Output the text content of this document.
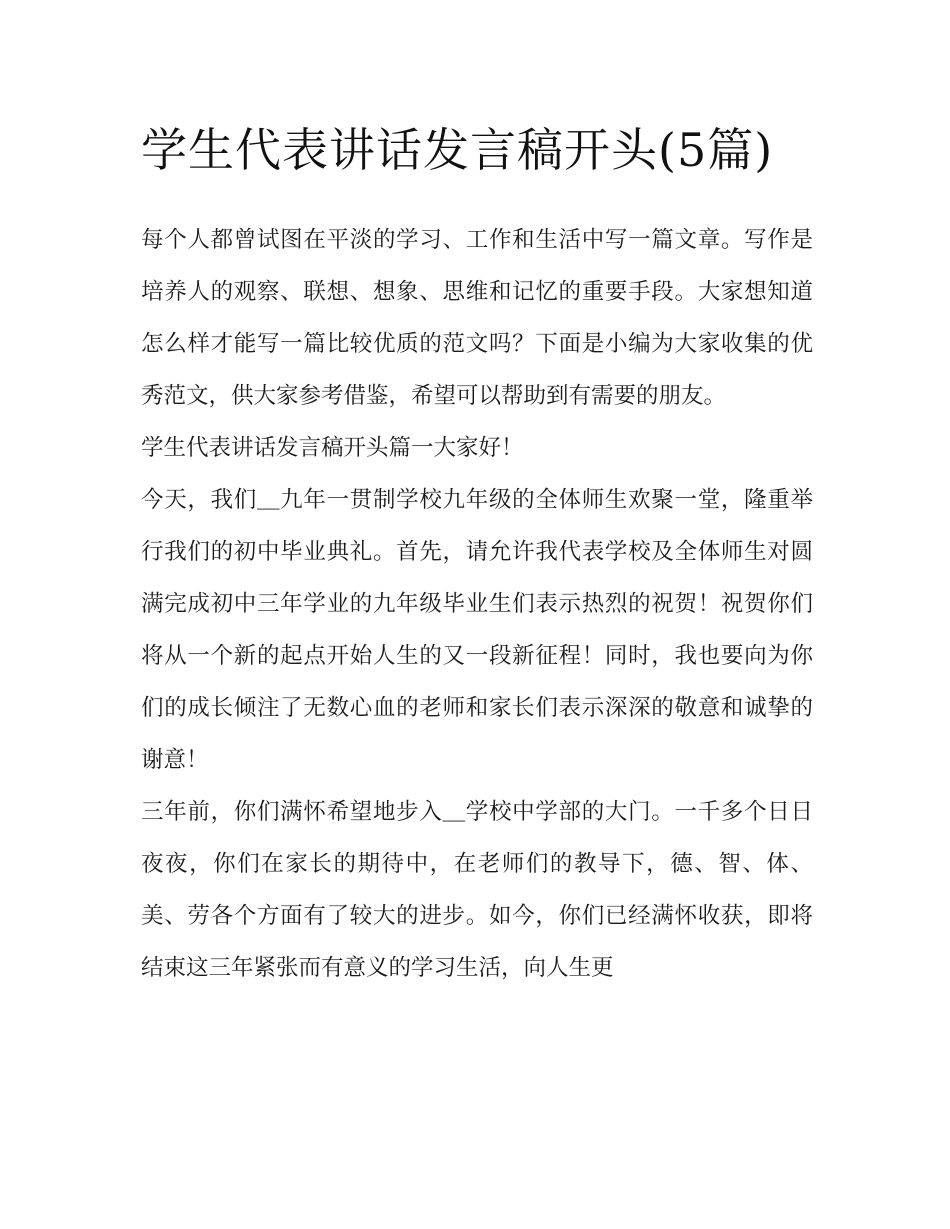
学生代表讲话发言稿开头(5篇)

每个人都曾试图在平淡的学习、工作和生活中写一篇文章。写作是培养人的观察、联想、想象、思维和记忆的重要手段。大家想知道怎么样才能写一篇比较优质的范文吗？下面是小编为大家收集的优秀范文，供大家参考借鉴，希望可以帮助到有需要的朋友。

学生代表讲话发言稿开头篇一大家好！

今天，我们＿九年一贯制学校九年级的全体师生欢聚一堂，隆重举行我们的初中毕业典礼。首先，请允许我代表学校及全体师生对圆满完成初中三年学业的九年级毕业生们表示热烈的祝贺！祝贺你们将从一个新的起点开始人生的又一段新征程！同时，我也要向为你们的成长倾注了无数心血的老师和家长们表示深深的敬意和诚挚的谢意！

三年前，你们满怀希望地步入＿学校中学部的大门。一千多个日日夜夜，你们在家长的期待中，在老师们的教导下，德、智、体、美、劳各个方面有了较大的进步。如今，你们已经满怀收获，即将结束这三年紧张而有意义的学习生活，向人生更
